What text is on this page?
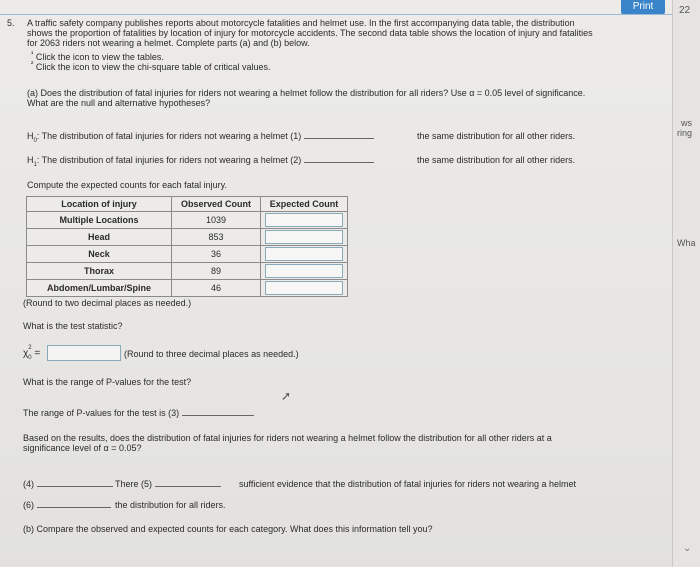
Print
5. A traffic safety company publishes reports about motorcycle fatalities and helmet use. In the first accompanying data table, the distribution
shows the proportion of fatalities by location of injury for motorcycle accidents. The second data table shows the location of injury and fatalities
for 2063 riders not wearing a helmet. Complete parts (a) and (b) below.
$^{^1}$ Click the icon to view the tables.
$^{^2}$ Click the icon to view the chi-square table of critical values.
(a) Does the distribution of fatal injuries for riders not wearing a helmet follow the distribution for all riders? Use α = 0.05 level of significance.
What are the null and alternative hypotheses?
$H_0$: The distribution of fatal injuries for riders not wearing a helmet (1)	the same distribution for all other riders.
$H_1$: The distribution of fatal injuries for riders not wearing a helmet (2)	the same distribution for all other riders.
Compute the expected counts for each fatal injury.
Location of injury	Observed Count	Expected Count
Multiple Locations	1039	

Head	853	

Neck	36	

Thorax	89	

Abdomen/Lumbar/Spine	46	
(Round to two decimal places as needed.)
What is the test statistic?
χ 2
$_0$ =	(Round to three decimal places as needed.)
What is the range of P-values for the test?
➚
The range of P-values for the test is (3)
Based on the results, does the distribution of fatal injuries for riders not wearing a helmet follow the distribution for all other riders at a
significance level of α = 0.05?
(4)	There (5)	sufficient evidence that the distribution of fatal injuries for riders not wearing a helmet
(6)	the distribution for all riders.
(b) Compare the observed and expected counts for each category. What does this information tell you?
22
ws
ring
Wha
⌄
